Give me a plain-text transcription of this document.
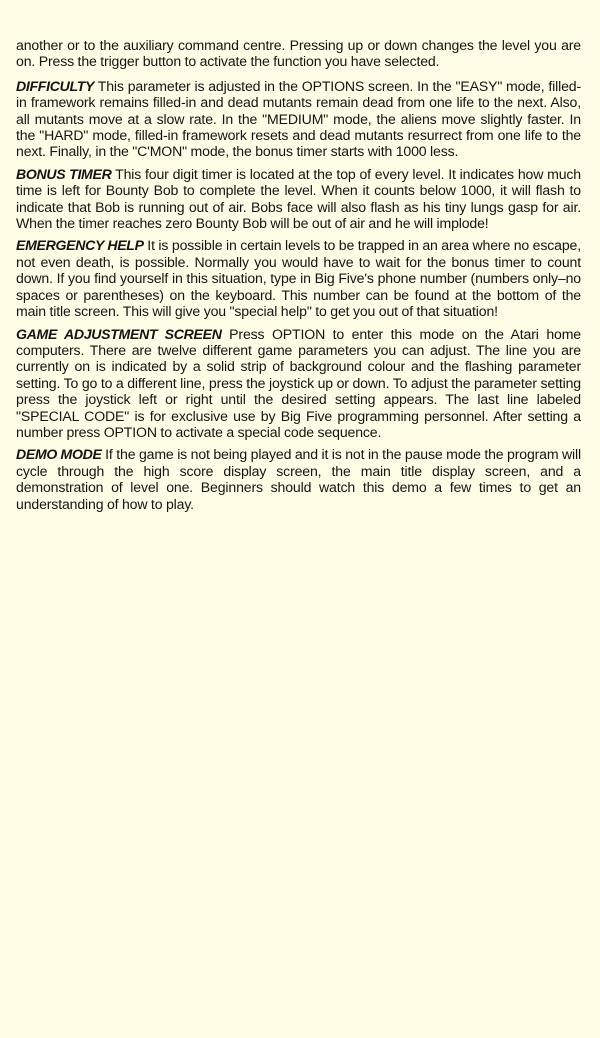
another or to the auxiliary command centre. Pressing up or down changes the level you are on. Press the trigger button to activate the function you have selected.

DIFFICULTY This parameter is adjusted in the OPTIONS screen. In the "EASY" mode, filled-in framework remains filled-in and dead mutants remain dead from one life to the next. Also, all mutants move at a slow rate. In the "MEDIUM" mode, the aliens move slightly faster. In the "HARD" mode, filled-in framework resets and dead mutants resurrect from one life to the next. Finally, in the "C'MON" mode, the bonus timer starts with 1000 less.

BONUS TIMER This four digit timer is located at the top of every level. It indicates how much time is left for Bounty Bob to complete the level. When it counts below 1000, it will flash to indicate that Bob is running out of air. Bobs face will also flash as his tiny lungs gasp for air. When the timer reaches zero Bounty Bob will be out of air and he will implode!

EMERGENCY HELP It is possible in certain levels to be trapped in an area where no escape, not even death, is possible. Normally you would have to wait for the bonus timer to count down. If you find yourself in this situation, type in Big Five's phone number (numbers only–no spaces or parentheses) on the keyboard. This number can be found at the bottom of the main title screen. This will give you "special help" to get you out of that situation!

GAME ADJUSTMENT SCREEN Press OPTION to enter this mode on the Atari home computers. There are twelve different game parameters you can adjust. The line you are currently on is indicated by a solid strip of background colour and the flashing parameter setting. To go to a different line, press the joystick up or down. To adjust the parameter setting press the joystick left or right until the desired setting appears. The last line labeled "SPECIAL CODE" is for exclusive use by Big Five programming personnel. After setting a number press OPTION to activate a special code sequence.

DEMO MODE If the game is not being played and it is not in the pause mode the program will cycle through the high score display screen, the main title display screen, and a demonstration of level one. Beginners should watch this demo a few times to get an understanding of how to play.
